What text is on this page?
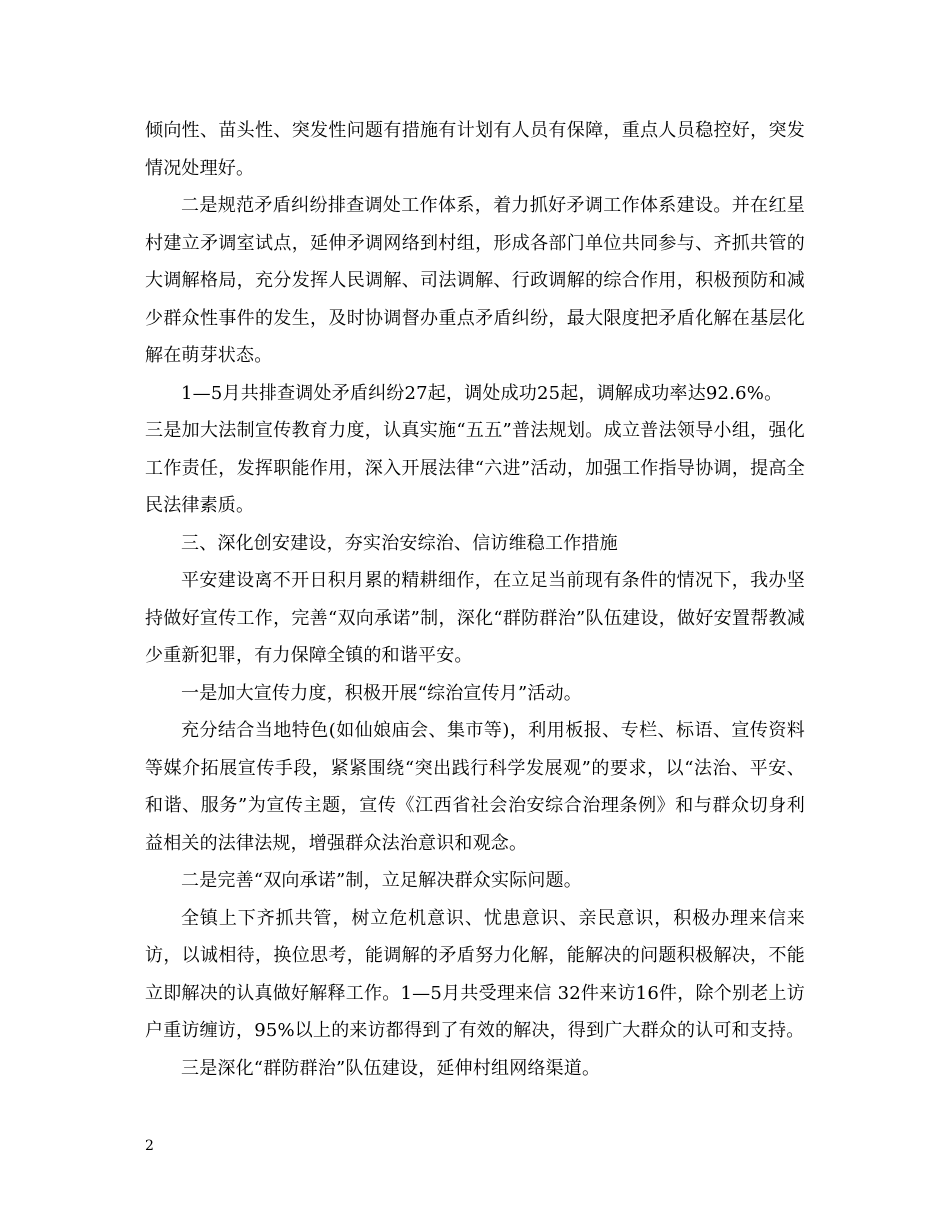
倾向性、苗头性、突发性问题有措施有计划有人员有保障，重点人员稳控好，突发情况处理好。

二是规范矛盾纠纷排查调处工作体系，着力抓好矛调工作体系建设。并在红星村建立矛调室试点，延伸矛调网络到村组，形成各部门单位共同参与、齐抓共管的大调解格局，充分发挥人民调解、司法调解、行政调解的综合作用，积极预防和减少群众性事件的发生，及时协调督办重点矛盾纠纷，最大限度把矛盾化解在基层化解在萌芽状态。

1—5月共排查调处矛盾纠纷27起，调处成功25起，调解成功率达92.6%。

三是加大法制宣传教育力度，认真实施“五五”普法规划。成立普法领导小组，强化工作责任，发挥职能作用，深入开展法律“六进”活动，加强工作指导协调，提高全民法律素质。

三、深化创安建设，夯实治安综治、信访维稳工作措施

平安建设离不开日积月累的精耕细作，在立足当前现有条件的情况下，我办坚持做好宣传工作，完善“双向承诺”制，深化“群防群治”队伍建设，做好安置帮教减少重新犯罪，有力保障全镇的和谐平安。

一是加大宣传力度，积极开展“综治宣传月”活动。

充分结合当地特色(如仙娘庙会、集市等)，利用板报、专栏、标语、宣传资料等媒介拓展宣传手段，紧紧围绕“突出践行科学发展观”的要求，以“法治、平安、和谐、服务”为宣传主题，宣传《江西省社会治安综合治理条例》和与群众切身利益相关的法律法规，增强群众法治意识和观念。

二是完善“双向承诺”制，立足解决群众实际问题。

全镇上下齐抓共管，树立危机意识、忧患意识、亲民意识，积极办理来信来访，以诚相待，换位思考，能调解的矛盾努力化解，能解决的问题积极解决，不能立即解决的认真做好解释工作。1—5月共受理来信 32件来访16件，除个别老上访户重访缠访，95%以上的来访都得到了有效的解决，得到广大群众的认可和支持。

三是深化“群防群治”队伍建设，延伸村组网络渠道。

2
